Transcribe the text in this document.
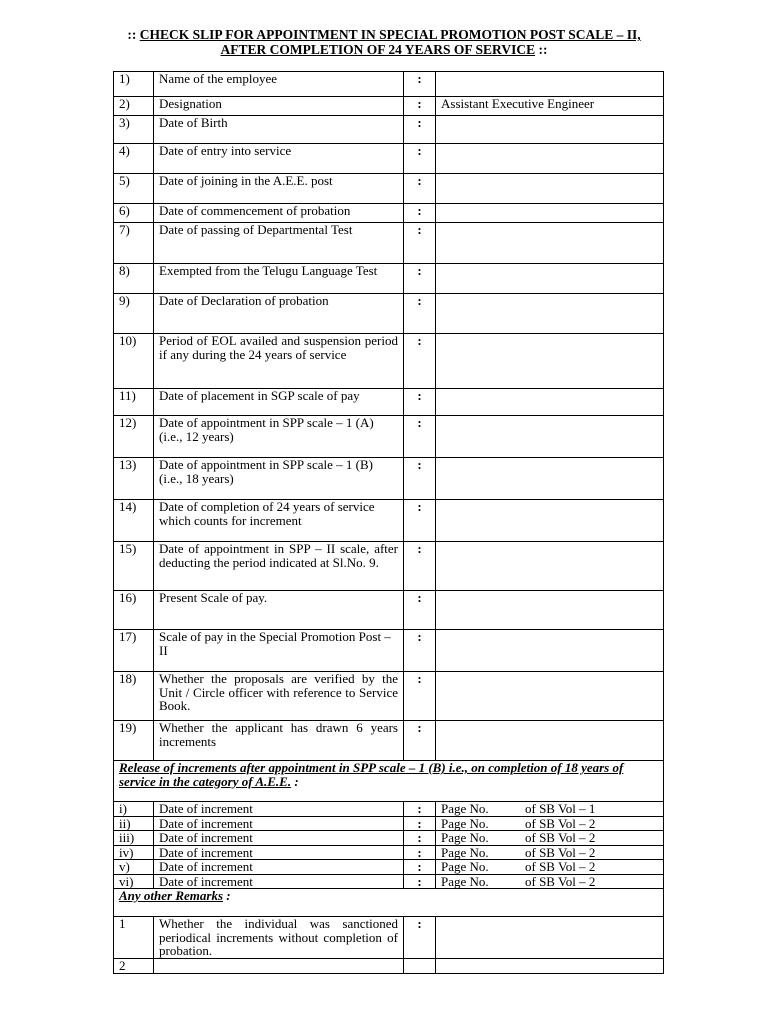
:: CHECK SLIP FOR APPOINTMENT IN SPECIAL PROMOTION POST SCALE – II,
AFTER COMPLETION OF 24 YEARS OF SERVICE ::
1)	Name of the employee	:	
2)	Designation	:	Assistant Executive Engineer
3)	Date of Birth	:	
4)	Date of entry into service	:	
5)	Date of joining in the A.E.E. post	:	
6)	Date of commencement of probation	:	
7)	Date of passing of Departmental Test	:	
8)	Exempted from the Telugu Language Test	:	
9)	Date of Declaration of probation	:	
10)	Period of EOL availed and suspension period if any during the 24 years of service	:	
11)	Date of placement in SGP scale of pay	:	
12)	Date of appointment in SPP scale – 1 (A) (i.e., 12 years)	:	
13)	Date of appointment in SPP scale – 1 (B) (i.e., 18 years)	:	
14)	Date of completion of 24 years of service which counts for increment	:	
15)	Date of appointment in SPP – II scale, after deducting the period indicated at Sl.No. 9.	:	
16)	Present Scale of pay.	:	
17)	Scale of pay in the Special Promotion Post – II	:	
18)	Whether the proposals are verified by the Unit / Circle officer with reference to Service Book.	:	
19)	Whether the applicant has drawn 6 years increments	:	
Release of increments after appointment in SPP scale – 1 (B) i.e., on completion of 18 years of service in the category of A.E.E. :			
i)	Date of increment	:	Page No. of SB Vol – 1
ii)	Date of increment	:	Page No. of SB Vol – 2
iii)	Date of increment	:	Page No. of SB Vol – 2
iv)	Date of increment	:	Page No. of SB Vol – 2
v)	Date of increment	:	Page No. of SB Vol – 2
vi)	Date of increment	:	Page No. of SB Vol – 2
Any other Remarks :			
1	Whether the individual was sanctioned periodical increments without completion of probation.	:	
2			
